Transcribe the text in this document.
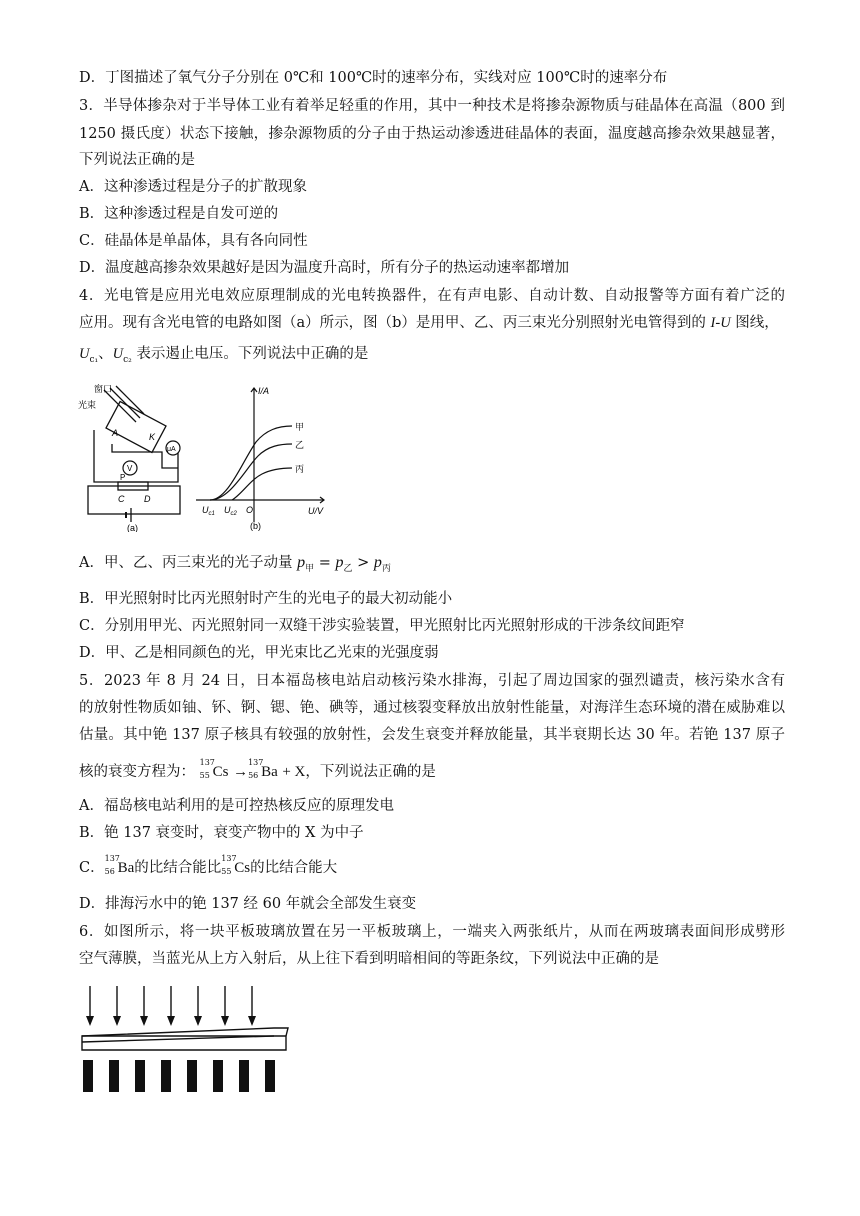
D．丁图描述了氧气分子分别在 0℃和 100℃时的速率分布，实线对应 100℃时的速率分布
3．半导体掺杂对于半导体工业有着举足轻重的作用，其中一种技术是将掺杂源物质与硅晶体在高温（800 到
1250 摄氏度）状态下接触，掺杂源物质的分子由于热运动渗透进硅晶体的表面，温度越高掺杂效果越显著，
下列说法正确的是
A．这种渗透过程是分子的扩散现象
B．这种渗透过程是自发可逆的
C．硅晶体是单晶体，具有各向同性
D．温度越高掺杂效果越好是因为温度升高时，所有分子的热运动速率都增加
4．光电管是应用光电效应原理制成的光电转换器件，在有声电影、自动计数、自动报警等方面有着广泛的
应用。现有含光电管的电路如图（a）所示，图（b）是用甲、乙、丙三束光分别照射光电管得到的 I-U 图线，
$U_{c_1}$、$U_{c_2}$ 表示遏止电压。下列说法中正确的是
窗口
光束
A	K
μA
V
P
C D
(a)
I/A
U/V
甲
乙
丙
$U_{c1}$ $U_{c2}$ O
(b)
A．甲、乙、丙三束光的光子动量 $p_甲 = p_乙 > p_丙$
B．甲光照射时比丙光照射时产生的光电子的最大初动能小
C．分别用甲光、丙光照射同一双缝干涉实验装置，甲光照射比丙光照射形成的干涉条纹间距窄
D．甲、乙是相同颜色的光，甲光束比乙光束的光强度弱
5．2023 年 8 月 24 日，日本福岛核电站启动核污染水排海，引起了周边国家的强烈谴责，核污染水含有
的放射性物质如铀、钚、锕、锶、铯、碘等，通过核裂变释放出放射性能量，对海洋生态环境的潜在威胁难以
估量。其中铯 137 原子核具有较强的放射性，会发生衰变并释放能量，其半衰期长达 30 年。若铯 137 原子
核的衰变方程为：
137
55 Cs →
137
56 Ba + X，下列说法正确的是
A．福岛核电站利用的是可控热核反应的原理发电
B．铯 137 衰变时，衰变产物中的 X 为中子
C．
137
56 Ba的比结合能比
137
55 Cs的比结合能大
D．排海污水中的铯 137 经 60 年就会全部发生衰变
6．如图所示，将一块平板玻璃放置在另一平板玻璃上，一端夹入两张纸片，从而在两玻璃表面间形成劈形
空气薄膜，当蓝光从上方入射后，从上往下看到明暗相间的等距条纹，下列说法中正确的是
